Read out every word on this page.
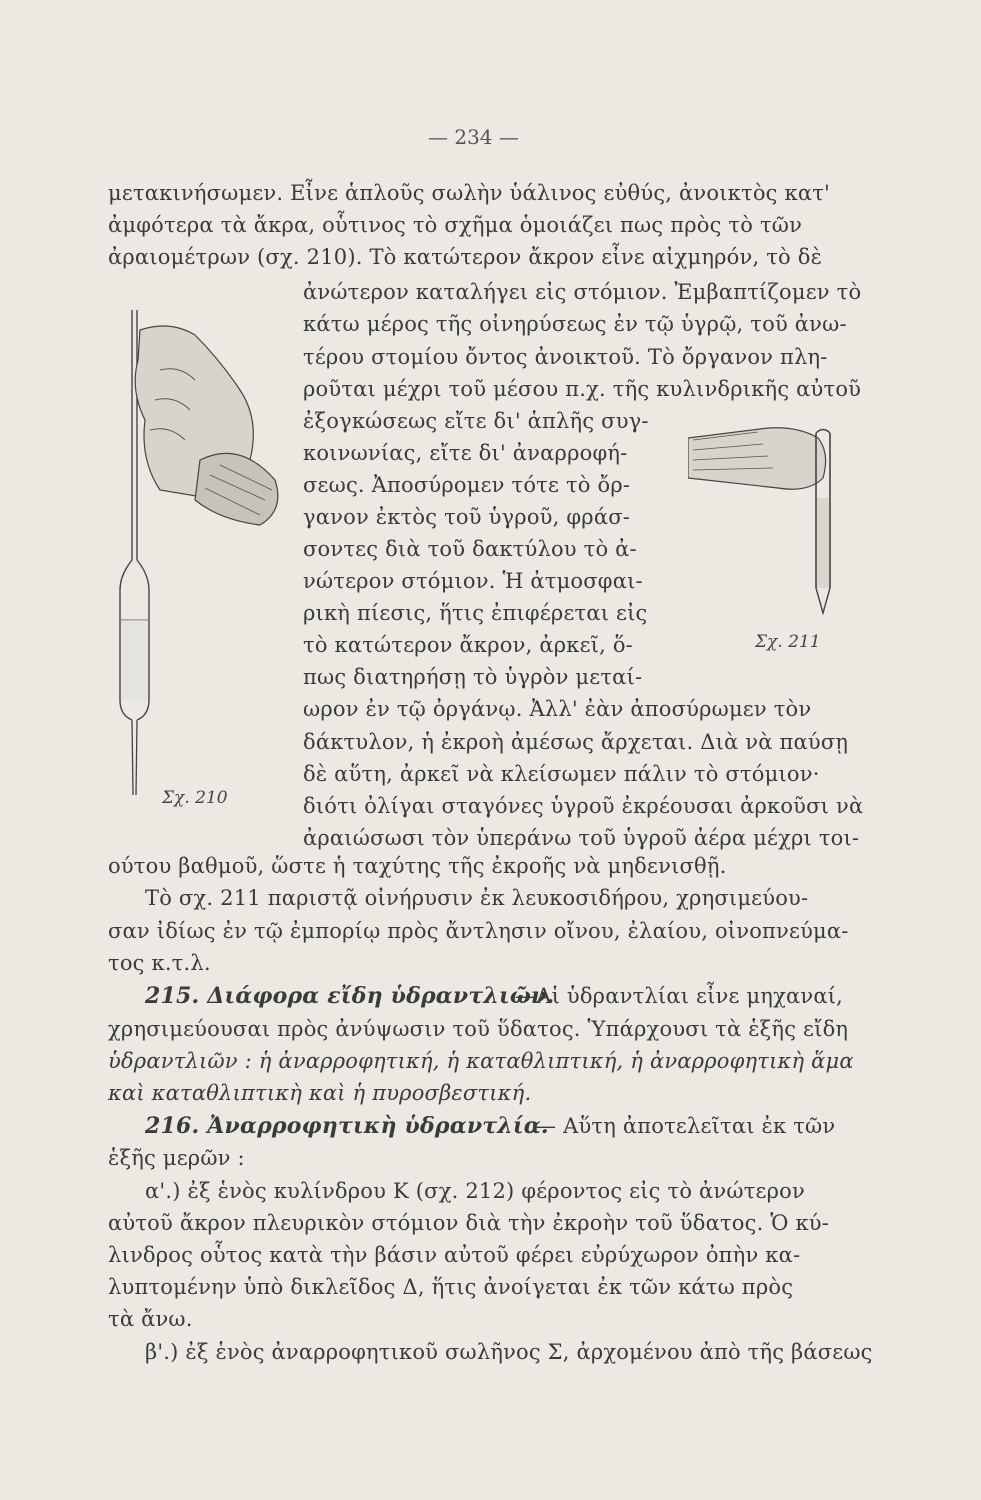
— 234 —
Σχ. 210
Σχ. 211
μετακινήσωμεν. Εἶνε ἁπλοῦς σωλὴν ὑάλινος εὐθύς, ἀνοικτὸς κατ'
ἀμφότερα τὰ ἄκρα, οὗτινος τὸ σχῆμα ὁμοιάζει πως πρὸς τὸ τῶν
ἀραιομέτρων (σχ. 210). Τὸ κατώτερον ἄκρον εἶνε αἰχμηρόν, τὸ δὲ
ἀνώτερον καταλήγει εἰς στόμιον. Ἐμβαπτίζομεν τὸ
κάτω μέρος τῆς οἰνηρύσεως ἐν τῷ ὑγρῷ, τοῦ ἀνω-
τέρου στομίου ὄντος ἀνοικτοῦ. Τὸ ὄργανον πλη-
ροῦται μέχρι τοῦ μέσου π.χ. τῆς κυλινδρικῆς αὐτοῦ
ἐξογκώσεως εἴτε δι' ἁπλῆς συγ-
κοινωνίας, εἴτε δι' ἀναρροφή-
σεως. Ἀποσύρομεν τότε τὸ ὄρ-
γανον ἐκτὸς τοῦ ὑγροῦ, φράσ-
σοντες διὰ τοῦ δακτύλου τὸ ἀ-
νώτερον στόμιον. Ἡ ἀτμοσφαι-
ρικὴ πίεσις, ἥτις ἐπιφέρεται εἰς
τὸ κατώτερον ἄκρον, ἀρκεῖ, ὅ-
πως διατηρήσῃ τὸ ὑγρὸν μεταί-
ωρον ἐν τῷ ὀργάνῳ. Ἀλλ' ἐὰν ἀποσύρωμεν τὸν
δάκτυλον, ἡ ἐκροὴ ἀμέσως ἄρχεται. Διὰ νὰ παύσῃ
δὲ αὕτη, ἀρκεῖ νὰ κλείσωμεν πάλιν τὸ στόμιον·
διότι ὀλίγαι σταγόνες ὑγροῦ ἐκρέουσαι ἀρκοῦσι νὰ
ἀραιώσωσι τὸν ὑπεράνω τοῦ ὑγροῦ ἀέρα μέχρι τοι-
ούτου βαθμοῦ, ὥστε ἡ ταχύτης τῆς ἐκροῆς νὰ μηδενισθῇ.
Τὸ σχ. 211 παριστᾷ οἰνήρυσιν ἐκ λευκοσιδήρου, χρησιμεύου-
σαν ἰδίως ἐν τῷ ἐμπορίῳ πρὸς ἄντλησιν οἴνου, ἐλαίου, οἰνοπνεύμα-
τος κ.τ.λ.
215. Διάφορα εἴδη ὑδραντλιῶν.
—Αἱ ὑδραντλίαι εἶνε μηχαναί,
χρησιμεύουσαι πρὸς ἀνύψωσιν τοῦ ὕδατος. Ὑπάρχουσι τὰ ἑξῆς εἴδη
ὑδραντλιῶν : ἡ ἀναρροφητική, ἡ καταθλιπτική, ἡ ἀναρροφητικὴ ἅμα
καὶ καταθλιπτικὴ καὶ ἡ πυροσβεστική.
216. Ἀναρροφητικὴ ὑδραντλία.
— Αὕτη ἀποτελεῖται ἐκ τῶν
ἑξῆς μερῶν :
α'.) ἐξ ἑνὸς κυλίνδρου Κ (σχ. 212) φέροντος εἰς τὸ ἀνώτερον
αὐτοῦ ἄκρον πλευρικὸν στόμιον διὰ τὴν ἐκροὴν τοῦ ὕδατος. Ὁ κύ-
λινδρος οὗτος κατὰ τὴν βάσιν αὐτοῦ φέρει εὐρύχωρον ὀπὴν κα-
λυπτομένην ὑπὸ δικλεῖδος Δ, ἥτις ἀνοίγεται ἐκ τῶν κάτω πρὸς
τὰ ἄνω.
β'.) ἐξ ἑνὸς ἀναρροφητικοῦ σωλῆνος Σ, ἀρχομένου ἀπὸ τῆς βάσεως
